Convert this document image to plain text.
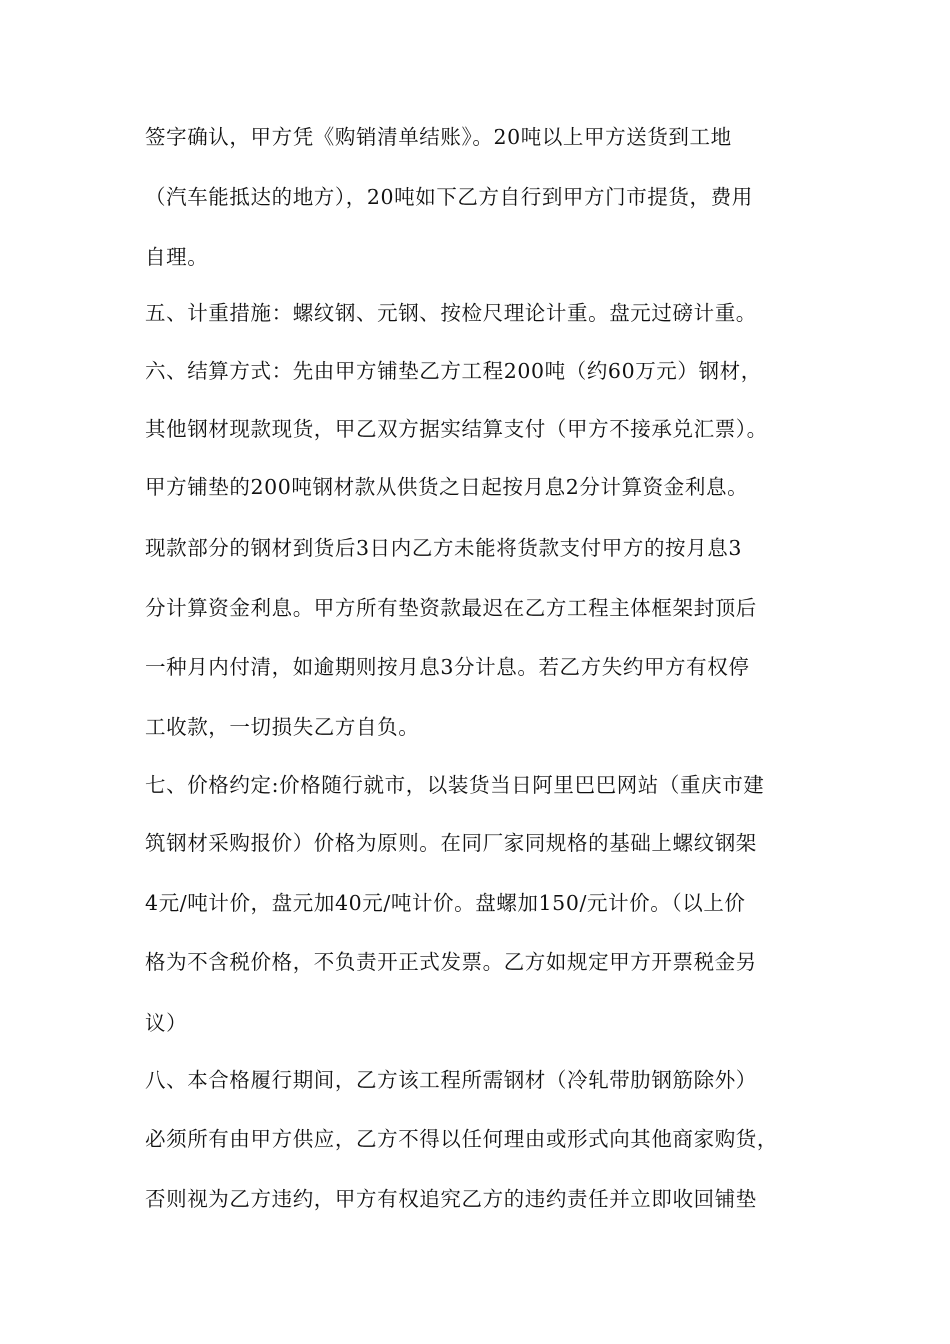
签字确认，甲方凭《购销清单结账》。20吨以上甲方送货到工地
（汽车能抵达的地方），20吨如下乙方自行到甲方门市提货，费用
自理。
五、计重措施：螺纹钢、元钢、按检尺理论计重。盘元过磅计重。
六、结算方式：先由甲方铺垫乙方工程200吨（约60万元）钢材，
其他钢材现款现货，甲乙双方据实结算支付（甲方不接承兑汇票）。
甲方铺垫的200吨钢材款从供货之日起按月息2分计算资金利息。
现款部分的钢材到货后3日内乙方未能将货款支付甲方的按月息3
分计算资金利息。甲方所有垫资款最迟在乙方工程主体框架封顶后
一种月内付清，如逾期则按月息3分计息。若乙方失约甲方有权停
工收款，一切损失乙方自负。
七、价格约定:价格随行就市，以装货当日阿里巴巴网站（重庆市建
筑钢材采购报价）价格为原则。在同厂家同规格的基础上螺纹钢架
4元/吨计价，盘元加40元/吨计价。盘螺加150/元计价。（以上价
格为不含税价格，不负责开正式发票。乙方如规定甲方开票税金另
议）
八、本合格履行期间，乙方该工程所需钢材（冷轧带肋钢筋除外）
必须所有由甲方供应，乙方不得以任何理由或形式向其他商家购货，
否则视为乙方违约，甲方有权追究乙方的违约责任并立即收回铺垫
